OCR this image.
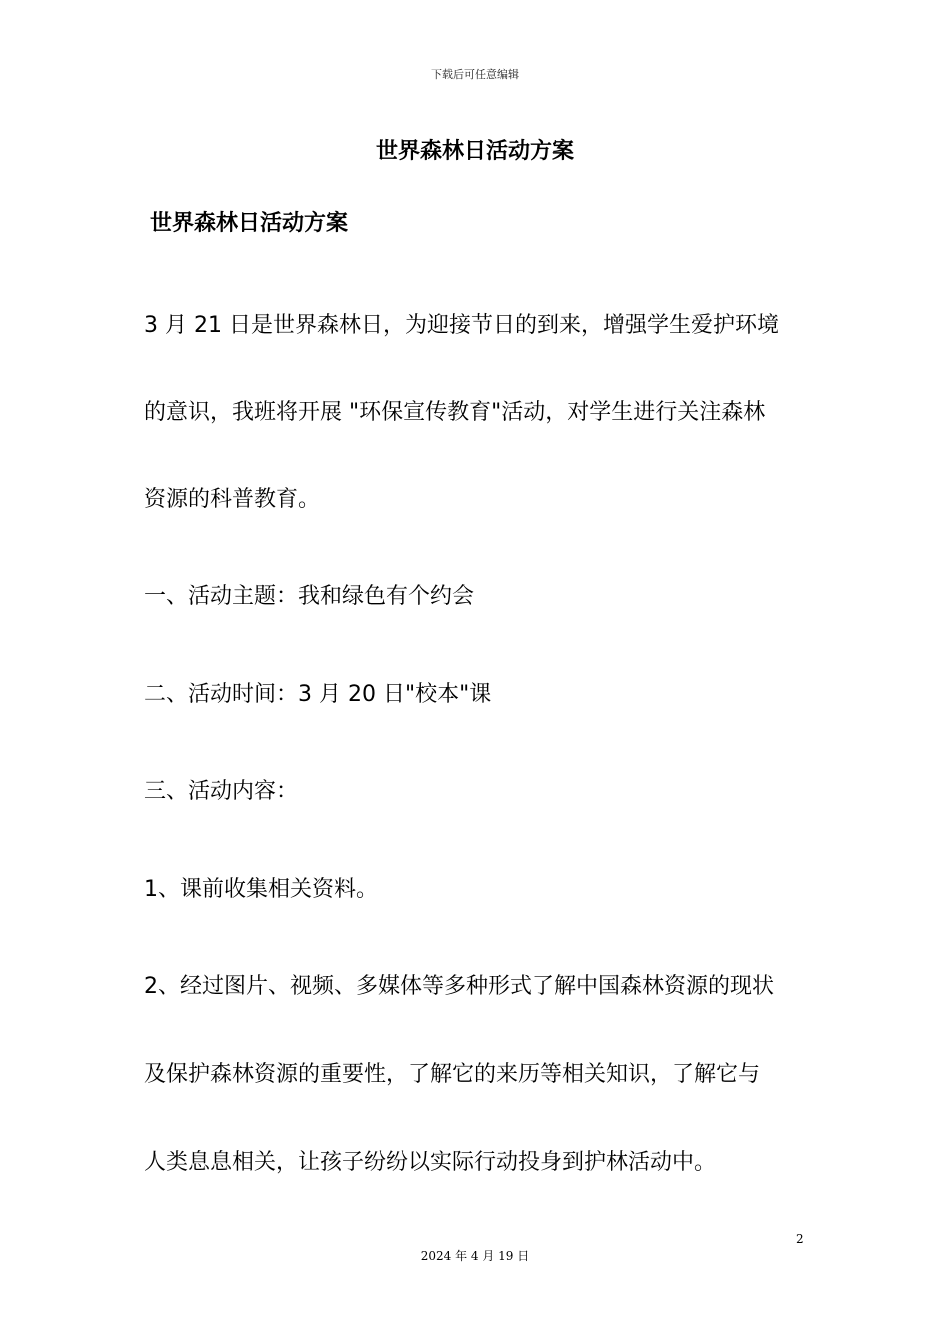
下载后可任意编辑
世界森林日活动方案
世界森林日活动方案

3 月 21 日是世界森林日，为迎接节日的到来，增强学生爱护环境

的意识，我班将开展 "环保宣传教育"活动，对学生进行关注森林

资源的科普教育。

一、活动主题：我和绿色有个约会

二、活动时间：3 月 20 日"校本"课

三、活动内容：

1、课前收集相关资料。

2、经过图片、视频、多媒体等多种形式了解中国森林资源的现状

及保护森林资源的重要性，了解它的来历等相关知识，了解它与

人类息息相关，让孩子纷纷以实际行动投身到护林活动中。

2
2024 年 4 月 19 日
